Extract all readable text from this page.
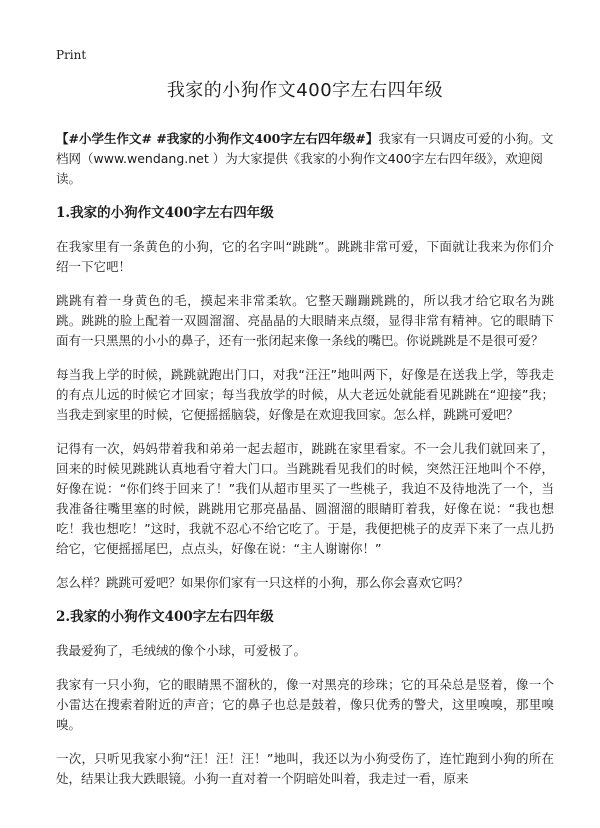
Print
我家的小狗作文400字左右四年级

【#小学生作文# #我家的小狗作文400字左右四年级#】我家有一只调皮可爱的小狗。文档网（www.wendang.net ）为大家提供《我家的小狗作文400字左右四年级》，欢迎阅读。

1.我家的小狗作文400字左右四年级

在我家里有一条黄色的小狗，它的名字叫“跳跳”。跳跳非常可爱，下面就让我来为你们介绍一下它吧！

跳跳有着一身黄色的毛，摸起来非常柔软。它整天蹦蹦跳跳的，所以我才给它取名为跳跳。跳跳的脸上配着一双圆溜溜、亮晶晶的大眼睛来点缀，显得非常有精神。它的眼睛下面有一只黑黑的小小的鼻子，还有一张闭起来像一条线的嘴巴。你说跳跳是不是很可爱？

每当我上学的时候，跳跳就跑出门口，对我“汪汪”地叫两下，好像是在送我上学，等我走的有点儿远的时候它才回家；每当我放学的时候，从大老远处就能看见跳跳在“迎接”我；当我走到家里的时候，它便摇摇脑袋，好像是在欢迎我回家。怎么样，跳跳可爱吧？

记得有一次，妈妈带着我和弟弟一起去超市，跳跳在家里看家。不一会儿我们就回来了，回来的时候见跳跳认真地看守着大门口。当跳跳看见我们的时候，突然汪汪地叫个不停，好像在说：“你们终于回来了！”我们从超市里买了一些桃子，我迫不及待地洗了一个，当我准备往嘴里塞的时候，跳跳用它那亮晶晶、圆溜溜的眼睛盯着我，好像在说：“我也想吃！我也想吃！”这时，我就不忍心不给它吃了。于是，我便把桃子的皮弄下来了一点儿扔给它，它便摇摇尾巴，点点头，好像在说：“主人谢谢你！”

怎么样？跳跳可爱吧？如果你们家有一只这样的小狗，那么你会喜欢它吗？

2.我家的小狗作文400字左右四年级

我最爱狗了，毛绒绒的像个小球，可爱极了。

我家有一只小狗，它的眼睛黑不溜秋的，像一对黑亮的珍珠；它的耳朵总是竖着，像一个小雷达在搜索着附近的声音；它的鼻子也总是鼓着，像只优秀的警犬，这里嗅嗅，那里嗅嗅。

一次，只听见我家小狗“汪！汪！汪！”地叫，我还以为小狗受伤了，连忙跑到小狗的所在处，结果让我大跌眼镜。小狗一直对着一个阴暗处叫着，我走过一看，原来
